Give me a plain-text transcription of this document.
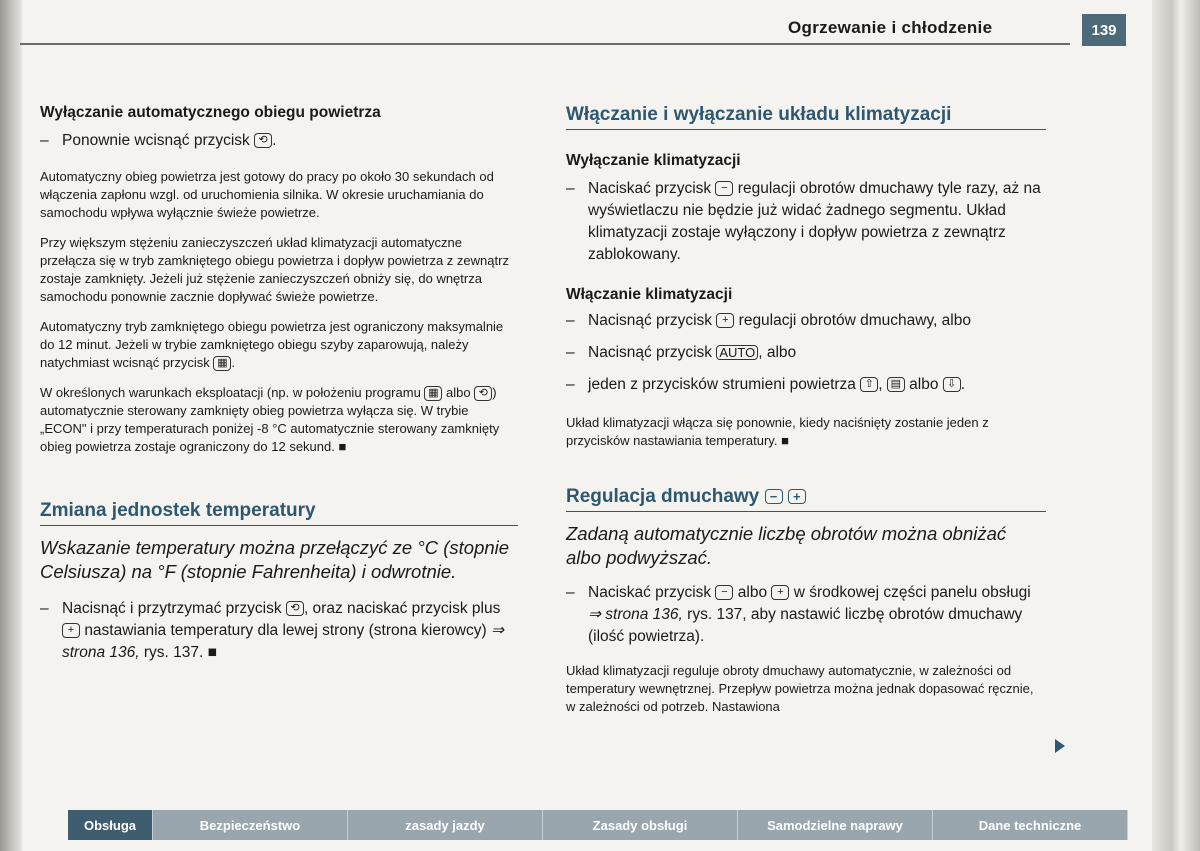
Ogrzewanie i chłodzenie	139
Wyłączanie automatycznego obiegu powietrza
– Ponownie wcisnąć przycisk ⟲ .

Automatyczny obieg powietrza jest gotowy do pracy po około 30 sekundach od włączenia zapłonu wzgl. od uruchomienia silnika. W okresie uruchamiania do samochodu wpływa wyłącznie świeże powietrze.

Przy większym stężeniu zanieczyszczeń układ klimatyzacji automatyczne przełącza się w tryb zamkniętego obiegu powietrza i dopływ powietrza z zewnątrz zostaje zamknięty. Jeżeli już stężenie zanieczyszczeń obniży się, do wnętrza samochodu ponownie zacznie dopływać świeże powietrze.

Automatyczny tryb zamkniętego obiegu powietrza jest ograniczony maksymalnie do 12 minut. Jeżeli w trybie zamkniętego obiegu szyby zaparowują, należy natychmiast wcisnąć przycisk ▦ .

W określonych warunkach eksploatacji (np. w położeniu programu ▦ albo ⟲ ) automatycznie sterowany zamknięty obieg powietrza wyłącza się. W trybie „ECON" i przy temperaturach poniżej -8 °C automatycznie sterowany zamknięty obieg powietrza zostaje ograniczony do 12 sekund. ■

Zmiana jednostek temperatury
Wskazanie temperatury można przełączyć ze °C (stopnie Celsiusza) na °F (stopnie Fahrenheita) i odwrotnie.
– Nacisnąć i przytrzymać przycisk ⟲ , oraz naciskać przycisk plus + nastawiania temperatury dla lewej strony (strona kierowcy) ⇒ strona 136, rys. 137. ■
Włączanie i wyłączanie układu klimatyzacji
Wyłączanie klimatyzacji
– Naciskać przycisk − regulacji obrotów dmuchawy tyle razy, aż na wyświetlaczu nie będzie już widać żadnego segmentu. Układ klimatyzacji zostaje wyłączony i dopływ powietrza z zewnątrz zablokowany.
Włączanie klimatyzacji
– Nacisnąć przycisk + regulacji obrotów dmuchawy, albo
– Nacisnąć przycisk AUTO , albo
– jeden z przycisków strumieni powietrza ⇧ , ▤ albo ⇩ .

Układ klimatyzacji włącza się ponownie, kiedy naciśnięty zostanie jeden z przycisków nastawiania temperatury. ■

Regulacja dmuchawy − +
Zadaną automatycznie liczbę obrotów można obniżać albo podwyższać.
– Naciskać przycisk − albo + w środkowej części panelu obsługi ⇒ strona 136, rys. 137, aby nastawić liczbę obrotów dmuchawy (ilość powietrza).

Układ klimatyzacji reguluje obroty dmuchawy automatycznie, w zależności od temperatury wewnętrznej. Przepływ powietrza można jednak dopasować ręcznie, w zależności od potrzeb. Nastawiona

Obsługa	Bezpieczeństwo	zasady jazdy	Zasady obsługi	Samodzielne naprawy	Dane techniczne
